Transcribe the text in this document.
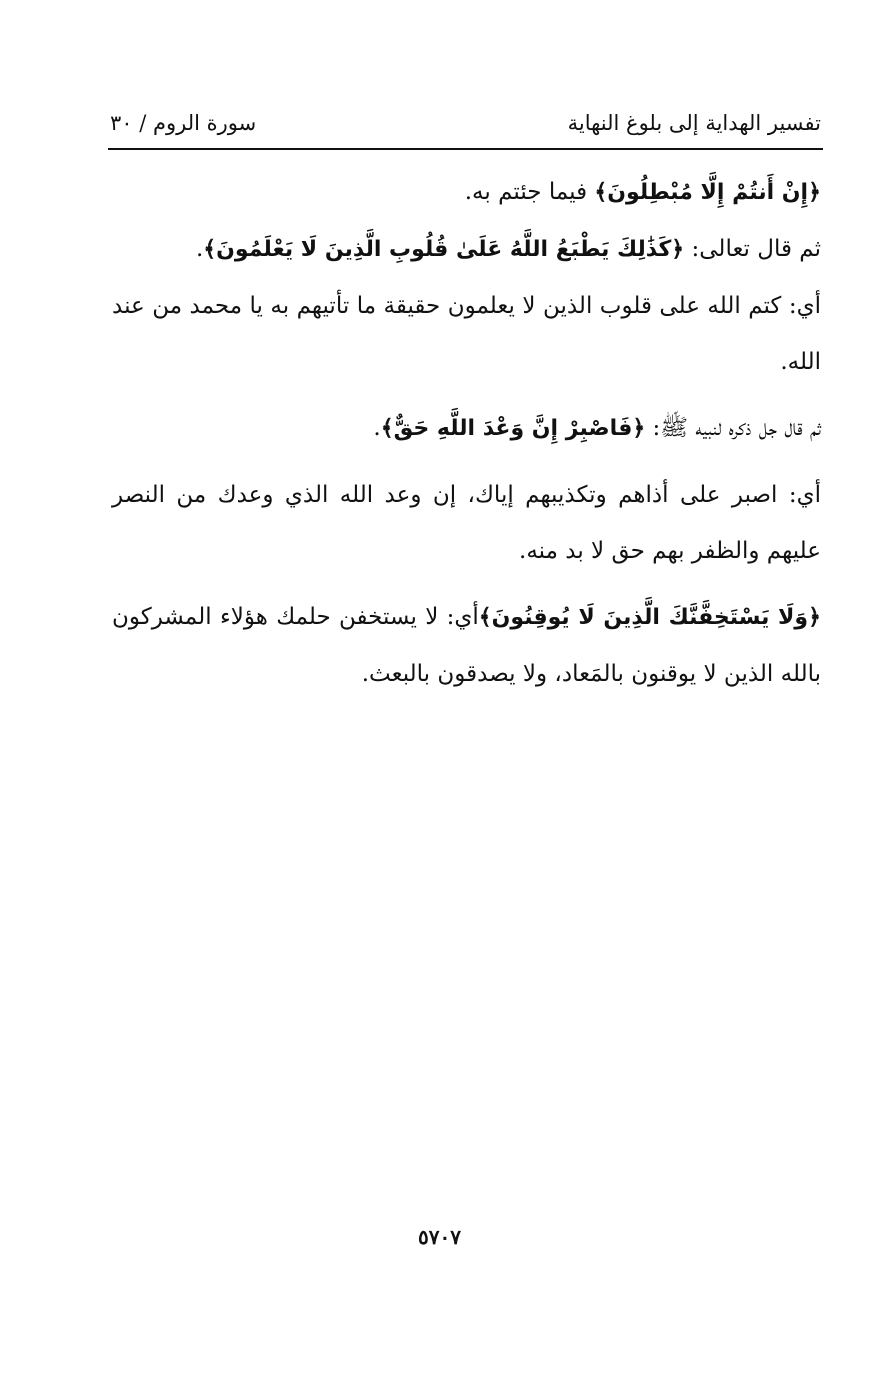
تفسير الهداية إلى بلوغ النهاية
سورة الروم / ٣٠

﴿إِنْ أَنتُمْ إِلَّا مُبْطِلُونَ﴾ فيما جئتم به.

ثم قال تعالى: ﴿كَذَٰلِكَ يَطْبَعُ اللَّهُ عَلَىٰ قُلُوبِ الَّذِينَ لَا يَعْلَمُونَ﴾.

أي: كتم الله على قلوب الذين لا يعلمون حقيقة ما تأتيهم به يا محمد من عند الله.

ثم قال جل ذكره لنبيه ﷺ: ﴿فَاصْبِرْ إِنَّ وَعْدَ اللَّهِ حَقٌّ﴾.

أي: اصبر على أذاهم وتكذيبهم إياك، إن وعد الله الذي وعدك من النصر عليهم والظفر بهم حق لا بد منه.

﴿وَلَا يَسْتَخِفَّنَّكَ الَّذِينَ لَا يُوقِنُونَ﴾أي: لا يستخفن حلمك هؤلاء المشركون بالله الذين لا يوقنون بالمَعاد، ولا يصدقون بالبعث.

٥٧٠٧
